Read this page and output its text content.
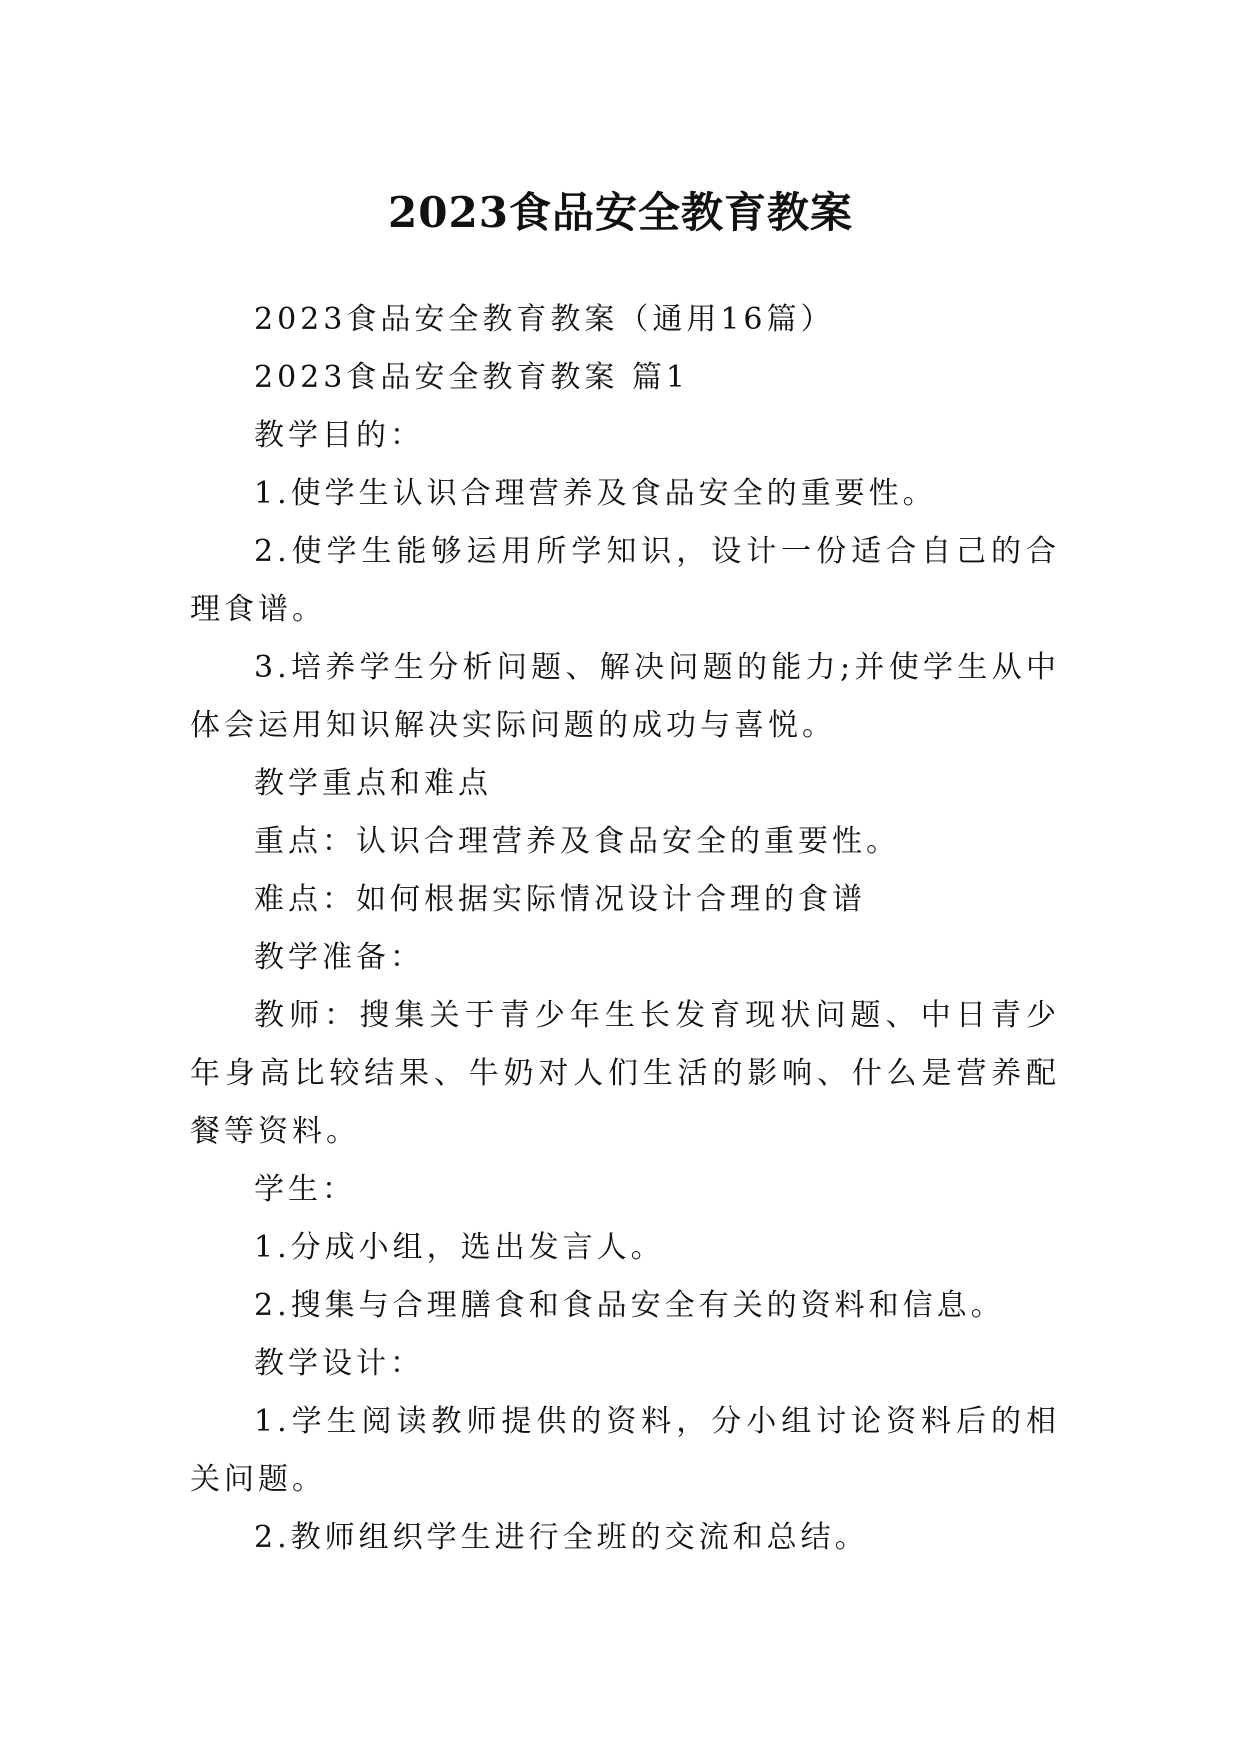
2023食品安全教育教案

2023食品安全教育教案（通用16篇）

2023食品安全教育教案 篇1

教学目的：

1.使学生认识合理营养及食品安全的重要性。

2.使学生能够运用所学知识，设计一份适合自己的合理食谱。

3.培养学生分析问题、解决问题的能力;并使学生从中体会运用知识解决实际问题的成功与喜悦。

教学重点和难点

重点：认识合理营养及食品安全的重要性。

难点：如何根据实际情况设计合理的食谱

教学准备：

教师：搜集关于青少年生长发育现状问题、中日青少年身高比较结果、牛奶对人们生活的影响、什么是营养配餐等资料。

学生：

1.分成小组，选出发言人。

2.搜集与合理膳食和食品安全有关的资料和信息。

教学设计：

1.学生阅读教师提供的资料，分小组讨论资料后的相关问题。

2.教师组织学生进行全班的交流和总结。
